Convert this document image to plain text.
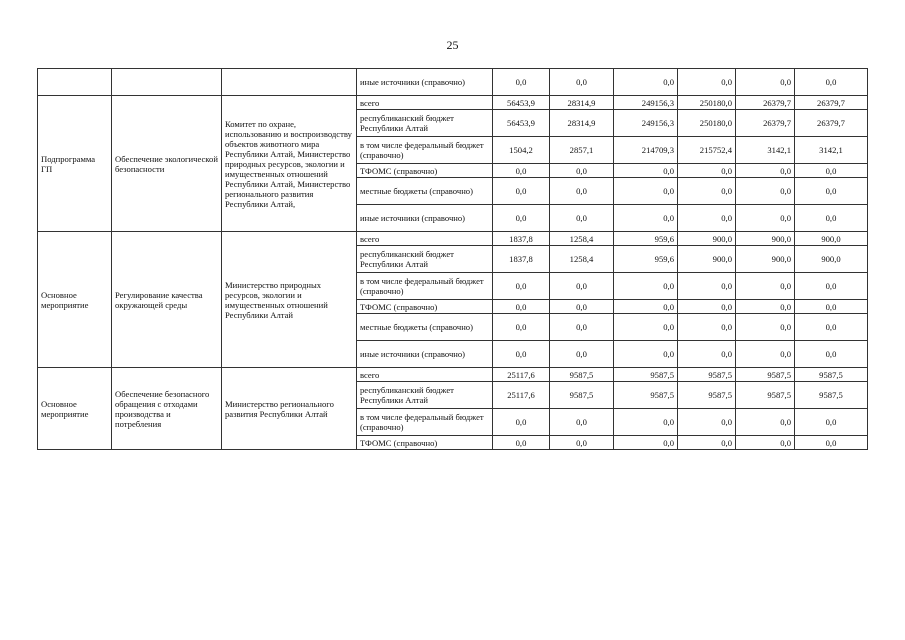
25
			иные источники (справочно)	0,0	0,0	0,0	0,0	0,0	0,0
Подпрограмма ГП	Обеспечение экологической безопасности	Комитет по охране, использованию и воспроизводству объектов животного мира Республики Алтай, Министерство природных ресурсов, экологии и имущественных отношений Республики Алтай, Министерство регионального развития Республики Алтай,	всего	56453,9	28314,9	249156,3	250180,0	26379,7	26379,7
			республиканский бюджет Республики Алтай	56453,9	28314,9	249156,3	250180,0	26379,7	26379,7
			в том числе федеральный бюджет (справочно)	1504,2	2857,1	214709,3	215752,4	3142,1	3142,1
			ТФОМС (справочно)	0,0	0,0	0,0	0,0	0,0	0,0
			местные бюджеты (справочно)	0,0	0,0	0,0	0,0	0,0	0,0
			иные источники (справочно)	0,0	0,0	0,0	0,0	0,0	0,0
Основное мероприятие	Регулирование качества окружающей среды	Министерство природных ресурсов, экологии и имущественных отношений Республики Алтай	всего	1837,8	1258,4	959,6	900,0	900,0	900,0
			республиканский бюджет Республики Алтай	1837,8	1258,4	959,6	900,0	900,0	900,0
			в том числе федеральный бюджет (справочно)	0,0	0,0	0,0	0,0	0,0	0,0
			ТФОМС (справочно)	0,0	0,0	0,0	0,0	0,0	0,0
			местные бюджеты (справочно)	0,0	0,0	0,0	0,0	0,0	0,0
			иные источники (справочно)	0,0	0,0	0,0	0,0	0,0	0,0
Основное мероприятие	Обеспечение безопасного обращения с отходами производства и потребления	Министерство регионального развития Республики Алтай	всего	25117,6	9587,5	9587,5	9587,5	9587,5	9587,5
			республиканский бюджет Республики Алтай	25117,6	9587,5	9587,5	9587,5	9587,5	9587,5
			в том числе федеральный бюджет (справочно)	0,0	0,0	0,0	0,0	0,0	0,0
			ТФОМС (справочно)	0,0	0,0	0,0	0,0	0,0	0,0
